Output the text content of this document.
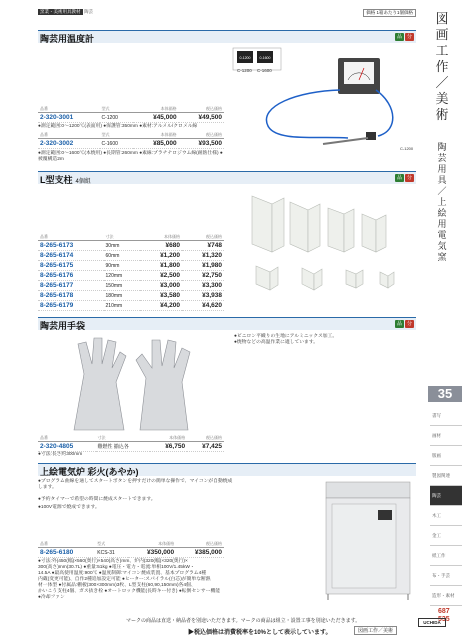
窯業・美術用具教材 陶芸	価格 1箱あたり1個価格
陶芸用温度計	品 分
0-1200	0-1600
C-1200
C-1200 C-1600
品番	型式	本体価格	税込価格
2-320-3001	C-1200	¥45,000	¥49,500
●測定範囲:0〜1200℃(表面用) ●保護管:350mm ●素材:アルメル/クロメル線
品番	型式	本体価格	税込価格
2-320-3002	C-1600	¥85,000	¥93,500
●測定範囲:0〜1600℃(本焼用) ●長期管:260mm ●素線:プラチナロジウム線(耐熱仕様) ●被覆構造2m
L型支柱 4個組
品 分
品番	寸法	本体価格	税込価格
8-265-6173	30mm	¥680	¥748
8-265-6174	60mm	¥1,200	¥1,320
8-265-6175	90mm	¥1,800	¥1,980
8-265-6176	120mm	¥2,500	¥2,750
8-265-6177	150mm	¥3,000	¥3,300
8-265-6178	180mm	¥3,580	¥3,938
8-265-6179	210mm	¥4,200	¥4,620
陶芸用手袋	品 分
●ビニロン平織りの生地にアルミニックス加工。
●焼物などの高温作業に適しています。
品番	寸法	本体価格	税込価格
2-320-4805	難燃性 揃込各	¥6,750	¥7,425
●寸法:長さ約300mm
上絵電気炉 彩火(あやか)
●プログラム曲線を通してスタートボタンを押すだけの簡単な操作で、マイコンが自動焼成します。
●予約タイマーで希望の時間に焼成スタートできます。
●100V電源で焼成できます。
品番	型式	本体価格	税込価格
8-265-6180	KCS-31	¥350,000	¥385,000
●寸法:外(450(幅)×560(奥行)×540(高さ)mm、炉内(320(幅)×320(奥行)×
300(高さ)mm(30.7L) ●重量:51kg ●電圧・電力・電流:単相100V/1.45kW・
14.5A ●最高使用温度:900℃ ●温度制御:マイコン焼成装置、基本プログラム4種
内蔵(変更可能)、自作2種追加設定可能 ●ヒーター:スパイラル(白芯)が簡単な断熱
材一体型 ●付属品:棚板(300×300mm)3枚、L型支柱(60,90,150mm)各4個、
かいこう支柱4個、ガス抜き栓 ●オートロック機能(長時キー付き) ●転倒センサー機能
●冷却ファン
図
画
工
作
／
美
術
陶
芸
用
具
／
上
絵
用
電
気
窯
35
書写
画材
版画
製図関連
陶芸
木工
金工
紙工作
布・手芸
造形・素材
687
535
マークの商品は直送・納品者を別途いただきます。マークの商品は組立・設置工事を別途いただきます。
▶税込価格は消費税率を10%として表示しています。	図画工作／美術
UCHIDA
